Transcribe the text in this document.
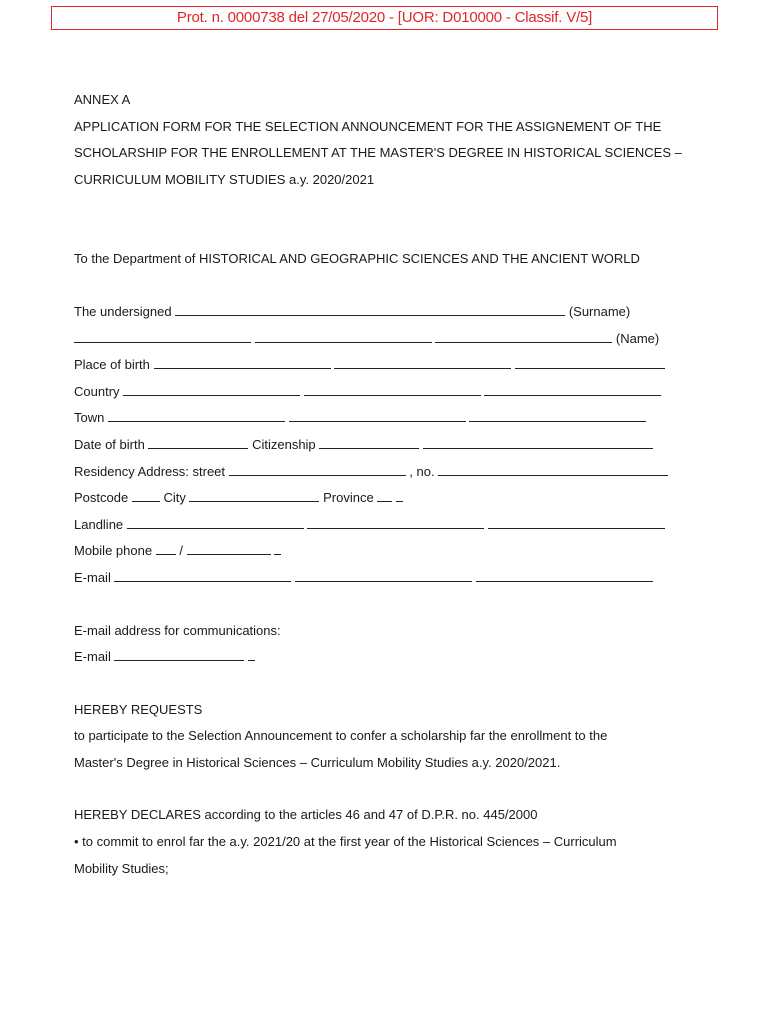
Prot. n. 0000738 del 27/05/2020 - [UOR: D010000 - Classif. V/5]
ANNEX A
APPLICATION FORM FOR THE SELECTION ANNOUNCEMENT FOR THE ASSIGNEMENT OF THE
SCHOLARSHIP FOR THE ENROLLEMENT AT THE MASTER'S DEGREE IN HISTORICAL SCIENCES –
CURRICULUM MOBILITY STUDIES a.y. 2020/2021
To the Department of HISTORICAL AND GEOGRAPHIC SCIENCES AND THE ANCIENT WORLD
The undersigned	(Surname)
(Name)
Place of birth
Country
Town
Date of birth	Citizenship
Residency Address: street	, no.
Postcode	City	Province
Landline
Mobile phone /
E-mail
E-mail address for communications:
E-mail
HEREBY REQUESTS
to participate to the Selection Announcement to confer a scholarship far the enrollment to the
Master's Degree in Historical Sciences – Curriculum Mobility Studies a.y. 2020/2021.
HEREBY DECLARES according to the articles 46 and 47 of D.P.R. no. 445/2000
• to commit to enrol far the a.y. 2021/20 at the first year of the Historical Sciences – Curriculum
Mobility Studies;
